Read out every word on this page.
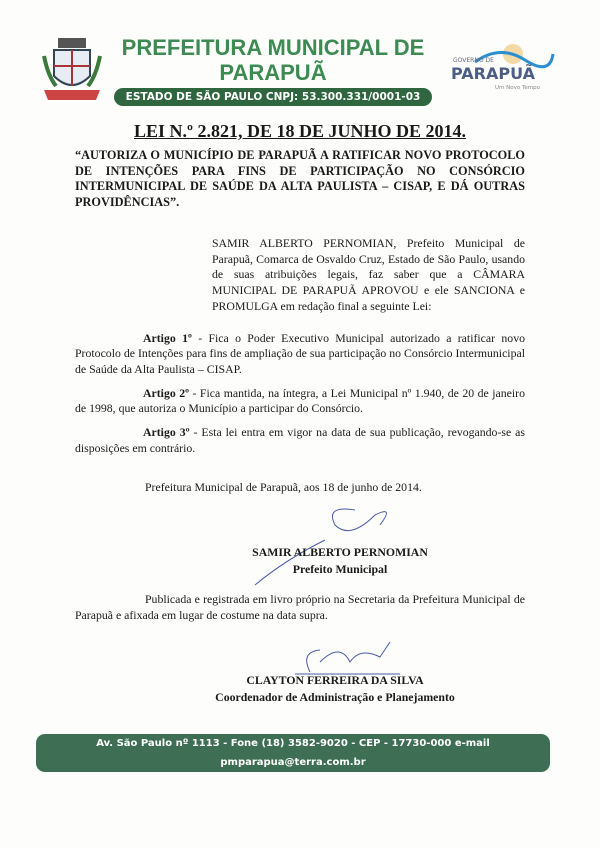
PREFEITURA MUNICIPAL DE
PARAPUÃ
ESTADO DE SÃO PAULO CNPJ: 53.300.331/0001-03
GOVERNO DE
PARAPUÃ
Um Novo Tempo
LEI N.º 2.821, DE 18 DE JUNHO DE 2014.
“AUTORIZA O MUNICÍPIO DE PARAPUÃ A RATIFICAR NOVO PROTOCOLO DE INTENÇÕES PARA FINS DE PARTICIPAÇÃO NO CONSÓRCIO INTERMUNICIPAL DE SAÚDE DA ALTA PAULISTA – CISAP, E DÁ OUTRAS PROVIDÊNCIAS”.
SAMIR ALBERTO PERNOMIAN, Prefeito Municipal de Parapuã, Comarca de Osvaldo Cruz, Estado de São Paulo, usando de suas atribuições legais, faz saber que a CÂMARA MUNICIPAL DE PARAPUÃ APROVOU e ele SANCIONA e PROMULGA em redação final a seguinte Lei:
Artigo 1º - Fica o Poder Executivo Municipal autorizado a ratificar novo Protocolo de Intenções para fins de ampliação de sua participação no Consórcio Intermunicipal de Saúde da Alta Paulista – CISAP.
Artigo 2º - Fica mantida, na íntegra, a Lei Municipal nº 1.940, de 20 de janeiro de 1998, que autoriza o Município a participar do Consórcio.
Artigo 3º - Esta lei entra em vigor na data de sua publicação, revogando-se as disposições em contrário.
Prefeitura Municipal de Parapuã, aos 18 de junho de 2014.
SAMIR ALBERTO PERNOMIAN
Prefeito Municipal
Publicada e registrada em livro próprio na Secretaria da Prefeitura Municipal de Parapuã e afixada em lugar de costume na data supra.
CLAYTON FERREIRA DA SILVA
Coordenador de Administração e Planejamento
Av. São Paulo nº 1113 - Fone (18) 3582-9020 - CEP - 17730-000 e-mail pmparapua@terra.com.br
